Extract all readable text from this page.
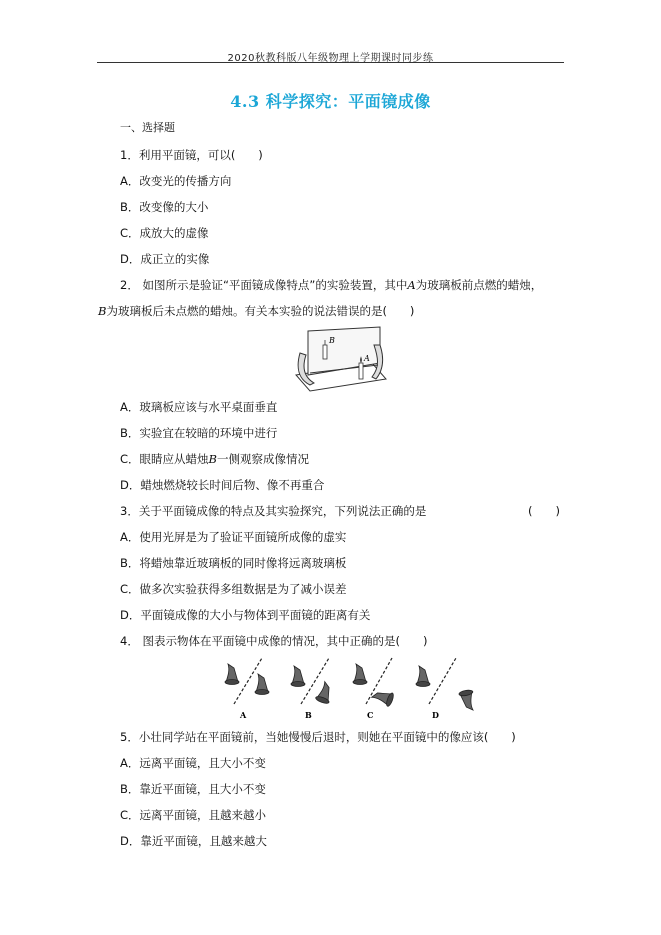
2020秋教科版八年级物理上学期课时同步练
4.3 科学探究：平面镜成像
一、选择题
1．利用平面镜，可以(　　)
A．改变光的传播方向
B．改变像的大小
C．成放大的虚像
D．成正立的实像
2． 如图所示是验证“平面镜成像特点”的实验装置，其中A为玻璃板前点燃的蜡烛，
B为玻璃板后未点燃的蜡烛。有关本实验的说法错误的是(　　)
B
A
A．玻璃板应该与水平桌面垂直
B．实验宜在较暗的环境中进行
C．眼睛应从蜡烛B一侧观察成像情况
D．蜡烛燃烧较长时间后物、像不再重合
3．关于平面镜成像的特点及其实验探究，下列说法正确的是	(　　)
A．使用光屏是为了验证平面镜所成像的虚实
B．将蜡烛靠近玻璃板的同时像将远离玻璃板
C．做多次实验获得多组数据是为了减小误差
D．平面镜成像的大小与物体到平面镜的距离有关
4． 图表示物体在平面镜中成像的情况，其中正确的是(　　)
A	B	C	D
5．小壮同学站在平面镜前，当她慢慢后退时，则她在平面镜中的像应该(　　)
A．远离平面镜，且大小不变
B．靠近平面镜，且大小不变
C．远离平面镜，且越来越小
D．靠近平面镜，且越来越大
